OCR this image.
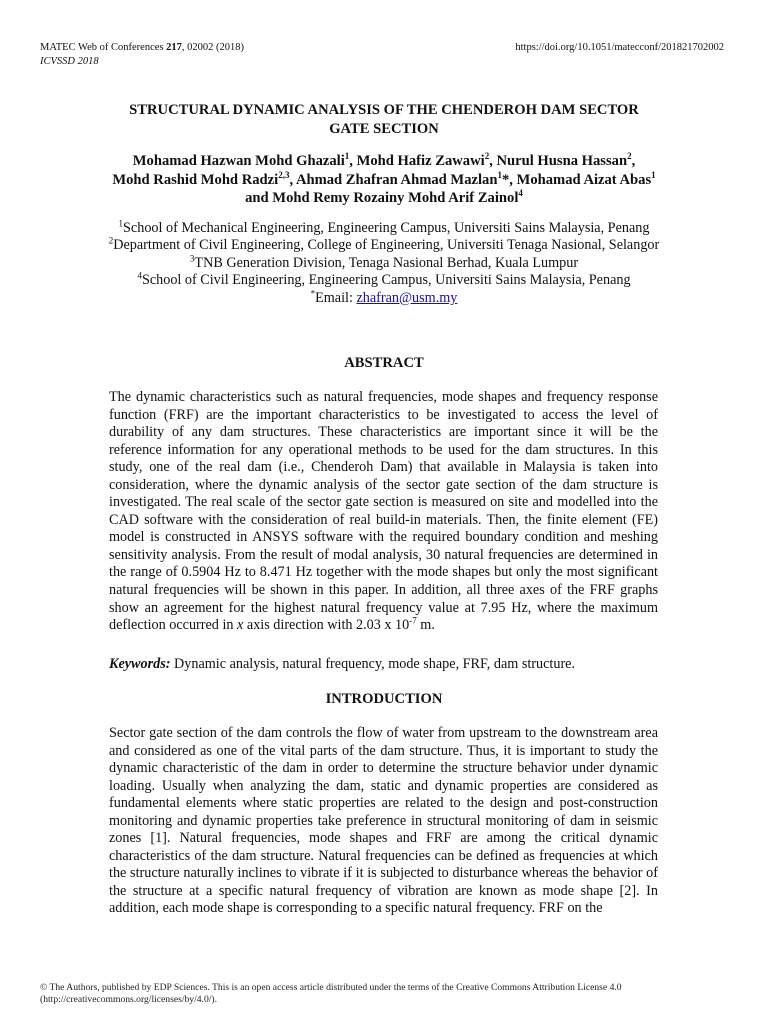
MATEC Web of Conferences 217, 02002 (2018)
ICVSSD 2018
https://doi.org/10.1051/matecconf/201821702002
STRUCTURAL DYNAMIC ANALYSIS OF THE CHENDEROH DAM SECTOR
GATE SECTION
Mohamad Hazwan Mohd Ghazali$^1$, Mohd Hafiz Zawawi$^2$, Nurul Husna Hassan$^2$,
Mohd Rashid Mohd Radzi$^{2,3}$, Ahmad Zhafran Ahmad Mazlan$^1$*, Mohamad Aizat Abas$^1$ and Mohd Remy Rozainy Mohd Arif Zainol$^4$
$^1$School of Mechanical Engineering, Engineering Campus, Universiti Sains Malaysia, Penang
$^2$Department of Civil Engineering, College of Engineering, Universiti Tenaga Nasional, Selangor
$^3$TNB Generation Division, Tenaga Nasional Berhad, Kuala Lumpur
$^4$School of Civil Engineering, Engineering Campus, Universiti Sains Malaysia, Penang
*Email: zhafran@usm.my
ABSTRACT
The dynamic characteristics such as natural frequencies, mode shapes and frequency response function (FRF) are the important characteristics to be investigated to access the level of durability of any dam structures. These characteristics are important since it will be the reference information for any operational methods to be used for the dam structures. In this study, one of the real dam (i.e., Chenderoh Dam) that available in Malaysia is taken into consideration, where the dynamic analysis of the sector gate section of the dam structure is investigated. The real scale of the sector gate section is measured on site and modelled into the CAD software with the consideration of real build-in materials. Then, the finite element (FE) model is constructed in ANSYS software with the required boundary condition and meshing sensitivity analysis. From the result of modal analysis, 30 natural frequencies are determined in the range of 0.5904 Hz to 8.471 Hz together with the mode shapes but only the most significant natural frequencies will be shown in this paper. In addition, all three axes of the FRF graphs show an agreement for the highest natural frequency value at 7.95 Hz, where the maximum deflection occurred in x axis direction with 2.03 x $10^{-7}$ m.
Keywords: Dynamic analysis, natural frequency, mode shape, FRF, dam structure.
INTRODUCTION
Sector gate section of the dam controls the flow of water from upstream to the downstream area and considered as one of the vital parts of the dam structure. Thus, it is important to study the dynamic characteristic of the dam in order to determine the structure behavior under dynamic loading. Usually when analyzing the dam, static and dynamic properties are considered as fundamental elements where static properties are related to the design and post-construction monitoring and dynamic properties take preference in structural monitoring of dam in seismic zones [1]. Natural frequencies, mode shapes and FRF are among the critical dynamic characteristics of the dam structure. Natural frequencies can be defined as frequencies at which the structure naturally inclines to vibrate if it is subjected to disturbance whereas the behavior of the structure at a specific natural frequency of vibration are known as mode shape [2]. In addition, each mode shape is corresponding to a specific natural frequency. FRF on the
© The Authors, published by EDP Sciences. This is an open access article distributed under the terms of the Creative Commons Attribution License 4.0
(http://creativecommons.org/licenses/by/4.0/).
